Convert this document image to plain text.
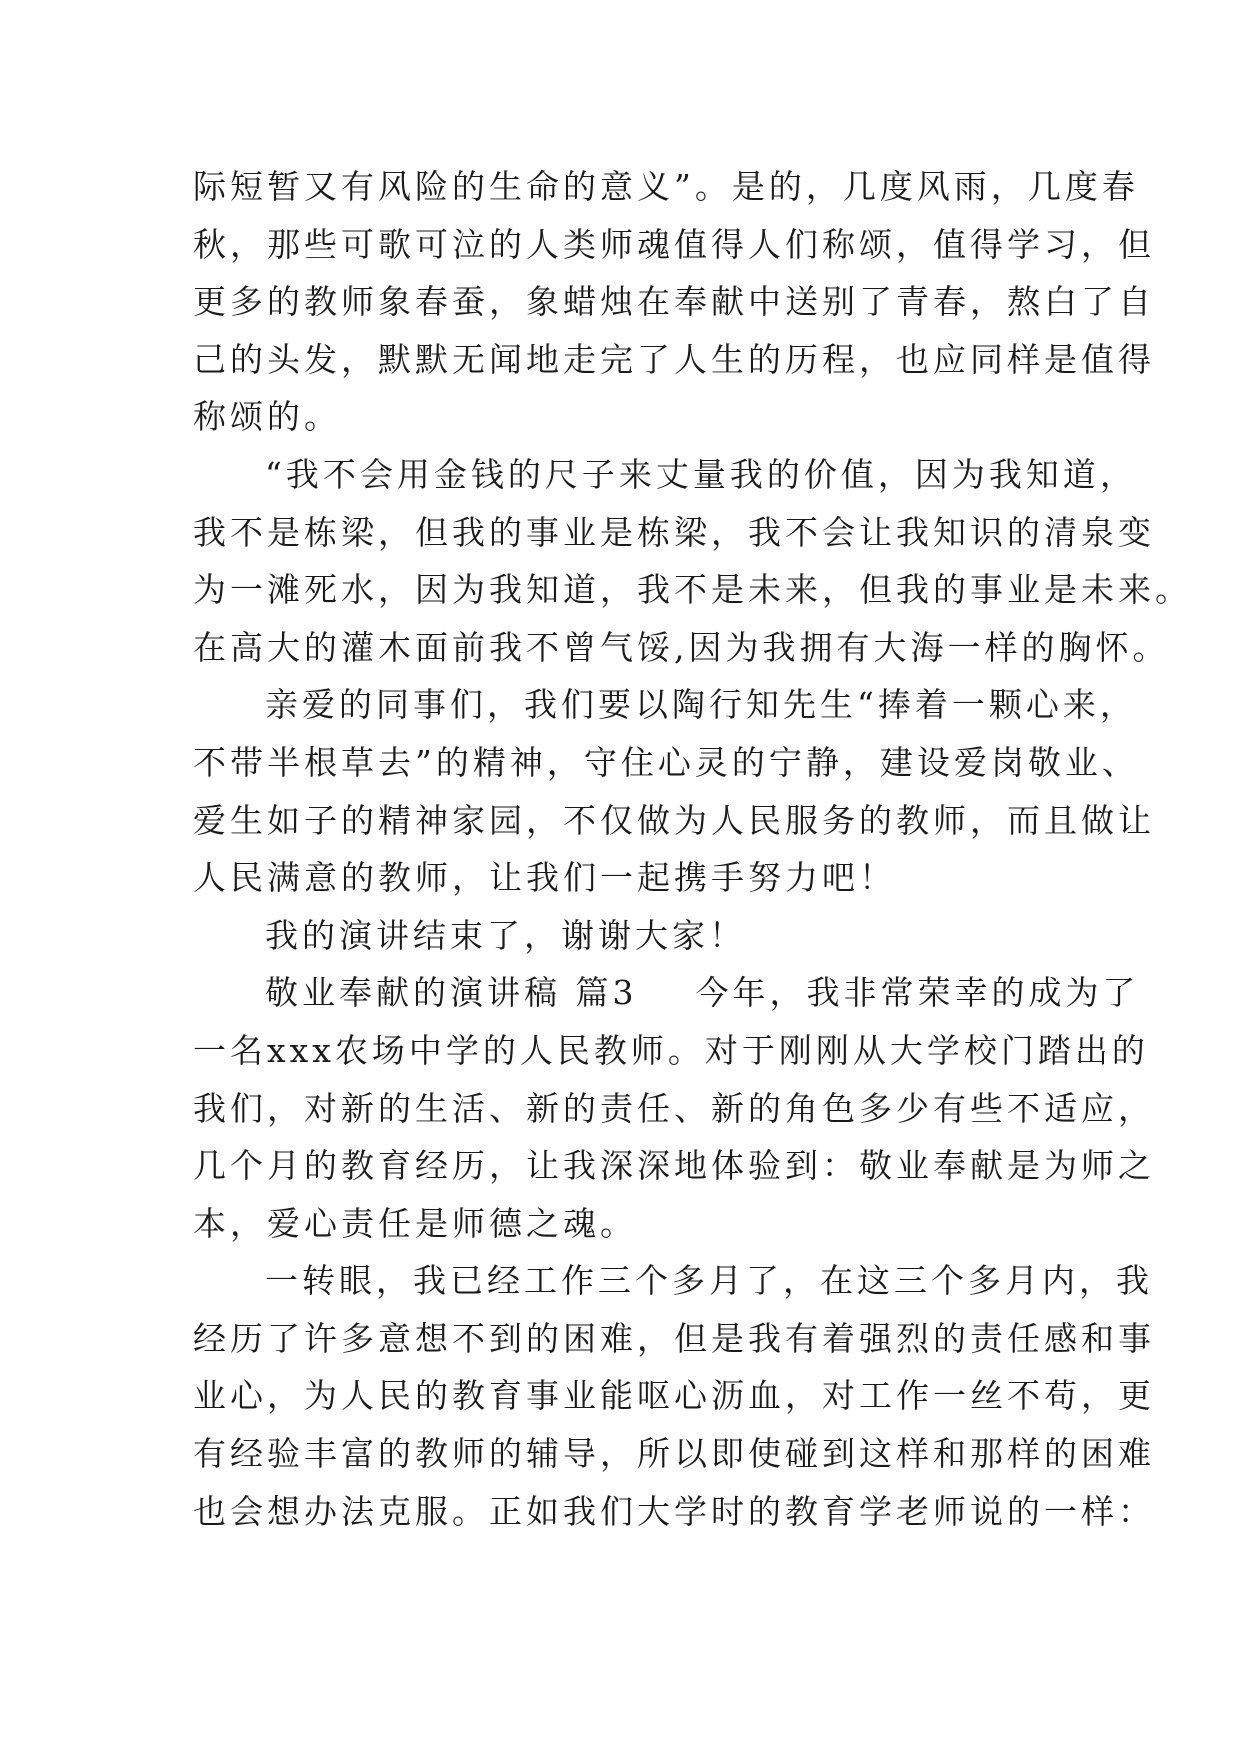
际短暂又有风险的生命的意义”。是的，几度风雨，几度春
秋，那些可歌可泣的人类师魂值得人们称颂，值得学习，但
更多的教师象春蚕，象蜡烛在奉献中送别了青春，熬白了自
己的头发，默默无闻地走完了人生的历程，也应同样是值得
称颂的。
“我不会用金钱的尺子来丈量我的价值，因为我知道，
我不是栋梁，但我的事业是栋梁，我不会让我知识的清泉变
为一滩死水，因为我知道，我不是未来，但我的事业是未来。
在高大的灌木面前我不曾气馁,因为我拥有大海一样的胸怀。
亲爱的同事们，我们要以陶行知先生“捧着一颗心来，
不带半根草去”的精神，守住心灵的宁静，建设爱岗敬业、
爱生如子的精神家园，不仅做为人民服务的教师，而且做让
人民满意的教师，让我们一起携手努力吧！
我的演讲结束了，谢谢大家！
敬业奉献的演讲稿 篇3    今年，我非常荣幸的成为了
一名xxx农场中学的人民教师。对于刚刚从大学校门踏出的
我们，对新的生活、新的责任、新的角色多少有些不适应，
几个月的教育经历，让我深深地体验到：敬业奉献是为师之
本，爱心责任是师德之魂。
一转眼，我已经工作三个多月了，在这三个多月内，我
经历了许多意想不到的困难，但是我有着强烈的责任感和事
业心，为人民的教育事业能呕心沥血，对工作一丝不苟，更
有经验丰富的教师的辅导，所以即使碰到这样和那样的困难
也会想办法克服。正如我们大学时的教育学老师说的一样：
